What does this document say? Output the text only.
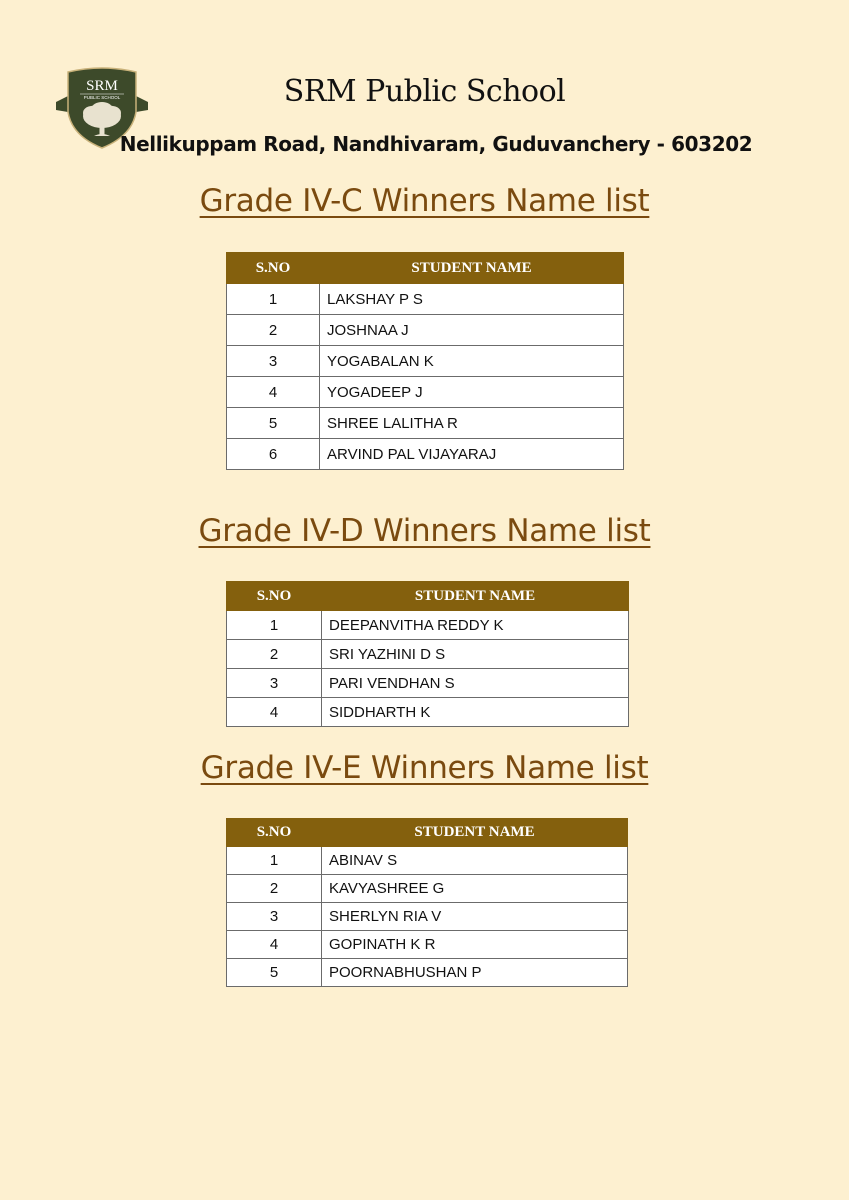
SRM
PUBLIC SCHOOL	SRM Public School
Nellikuppam Road, Nandhivaram, Guduvanchery - 603202
Grade IV-C Winners Name list
S.NO	STUDENT NAME
1	LAKSHAY P S
2	JOSHNAA J
3	YOGABALAN K
4	YOGADEEP J
5	SHREE LALITHA R
6	ARVIND PAL VIJAYARAJ
Grade IV-D Winners Name list
S.NO	STUDENT NAME
1	DEEPANVITHA REDDY K
2	SRI YAZHINI D S
3	PARI VENDHAN S
4	SIDDHARTH K
Grade IV-E Winners Name list
S.NO	STUDENT NAME
1	ABINAV S
2	KAVYASHREE G
3	SHERLYN RIA V
4	GOPINATH K R
5	POORNABHUSHAN P
